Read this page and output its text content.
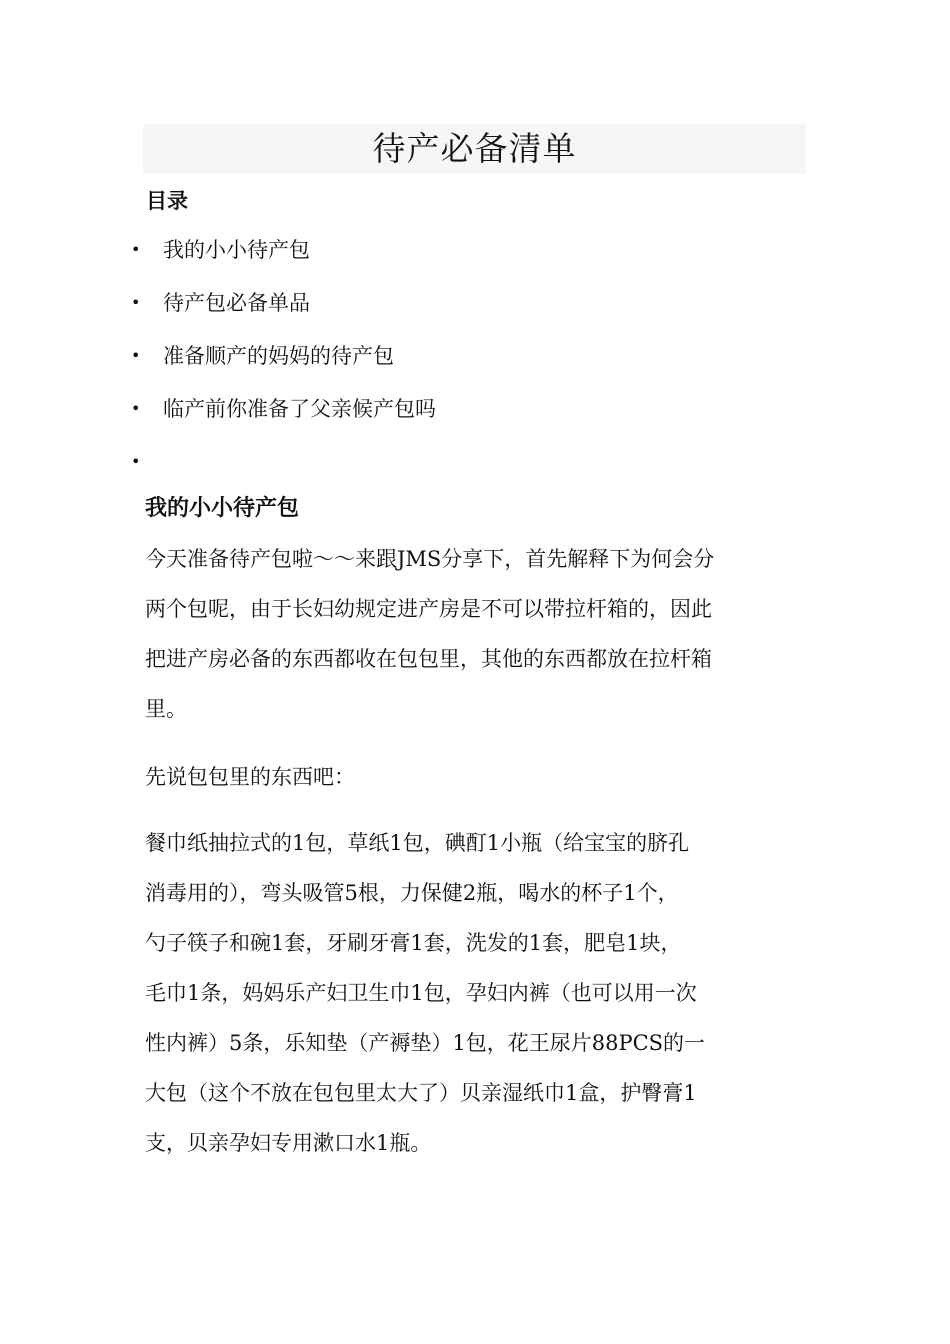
待产必备清单
目录
• 我的小小待产包
• 待产包必备单品
• 准备顺产的妈妈的待产包
• 临产前你准备了父亲候产包吗
•
我的小小待产包

今天准备待产包啦～～来跟JMS分享下，首先解释下为何会分
两个包呢，由于长妇幼规定进产房是不可以带拉杆箱的，因此
把进产房必备的东西都收在包包里，其他的东西都放在拉杆箱
里。

先说包包里的东西吧：

餐巾纸抽拉式的1包，草纸1包，碘酊1小瓶（给宝宝的脐孔
消毒用的），弯头吸管5根，力保健2瓶，喝水的杯子1个，
勺子筷子和碗1套，牙刷牙膏1套，洗发的1套，肥皂1块，
毛巾1条，妈妈乐产妇卫生巾1包，孕妇内裤（也可以用一次
性内裤）5条，乐知垫（产褥垫）1包，花王尿片88PCS的一
大包（这个不放在包包里太大了）贝亲湿纸巾1盒，护臀膏1
支，贝亲孕妇专用漱口水1瓶。
